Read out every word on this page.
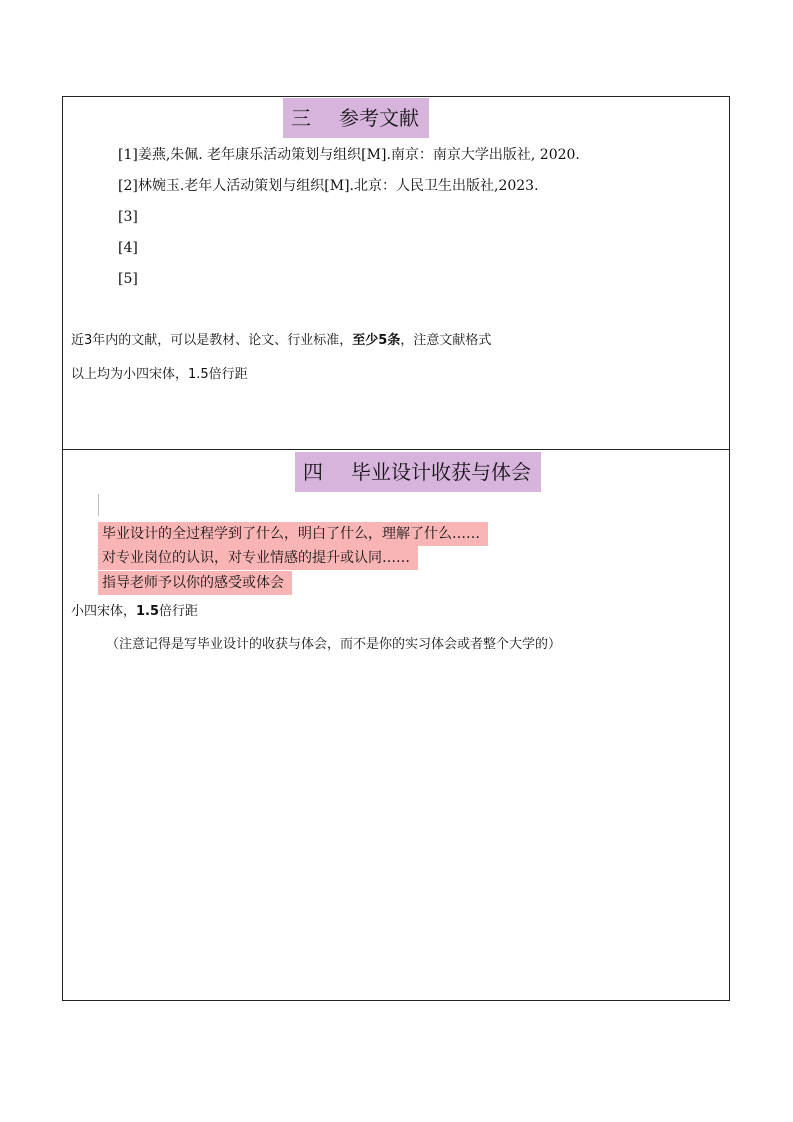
三 参考文献
[1]姜燕,朱佩. 老年康乐活动策划与组织[M].南京：南京大学出版社, 2020.
[2]林婉玉.老年人活动策划与组织[M].北京：人民卫生出版社,2023.
[3]
[4]
[5]
近3年内的文献，可以是教材、论文、行业标准，至少5条，注意文献格式
以上均为小四宋体，1.5倍行距
四 毕业设计收获与体会
毕业设计的全过程学到了什么，明白了什么，理解了什么……
对专业岗位的认识，对专业情感的提升或认同……
指导老师予以你的感受或体会
小四宋体，1.5倍行距
（注意记得是写毕业设计的收获与体会，而不是你的实习体会或者整个大学的）
